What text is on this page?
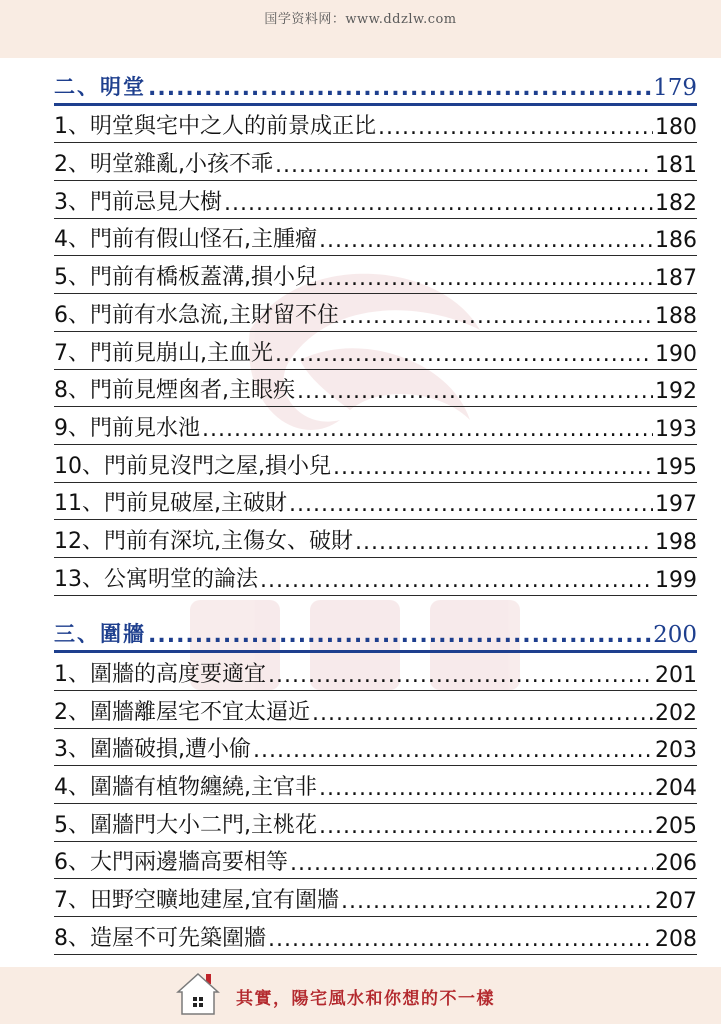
国学资料网：www.ddzlw.com
二、明堂 .....	179
1、明堂與宅中之人的前景成正比 .....	180
2、明堂雜亂,小孩不乖 .....	181
3、門前忌見大樹 .....	182
4、門前有假山怪石,主腫瘤 .....	186
5、門前有橋板蓋溝,損小兒 .....	187
6、門前有水急流,主財留不住 .....	188
7、門前見崩山,主血光 .....	190
8、門前見煙囪者,主眼疾 .....	192
9、門前見水池 .....	193
10、門前見沒門之屋,損小兒 .....	195
11、門前見破屋,主破財 .....	197
12、門前有深坑,主傷女、破財 .....	198
13、公寓明堂的論法 .....	199
三、圍牆 .....	200
1、圍牆的高度要適宜 .....	201
2、圍牆離屋宅不宜太逼近 .....	202
3、圍牆破損,遭小偷 .....	203
4、圍牆有植物纏繞,主官非 .....	204
5、圍牆門大小二門,主桃花 .....	205
6、大門兩邊牆高要相等 .....	206
7、田野空曠地建屋,宜有圍牆 .....	207
8、造屋不可先築圍牆 .....	208
其實，陽宅風水和你想的不一樣
